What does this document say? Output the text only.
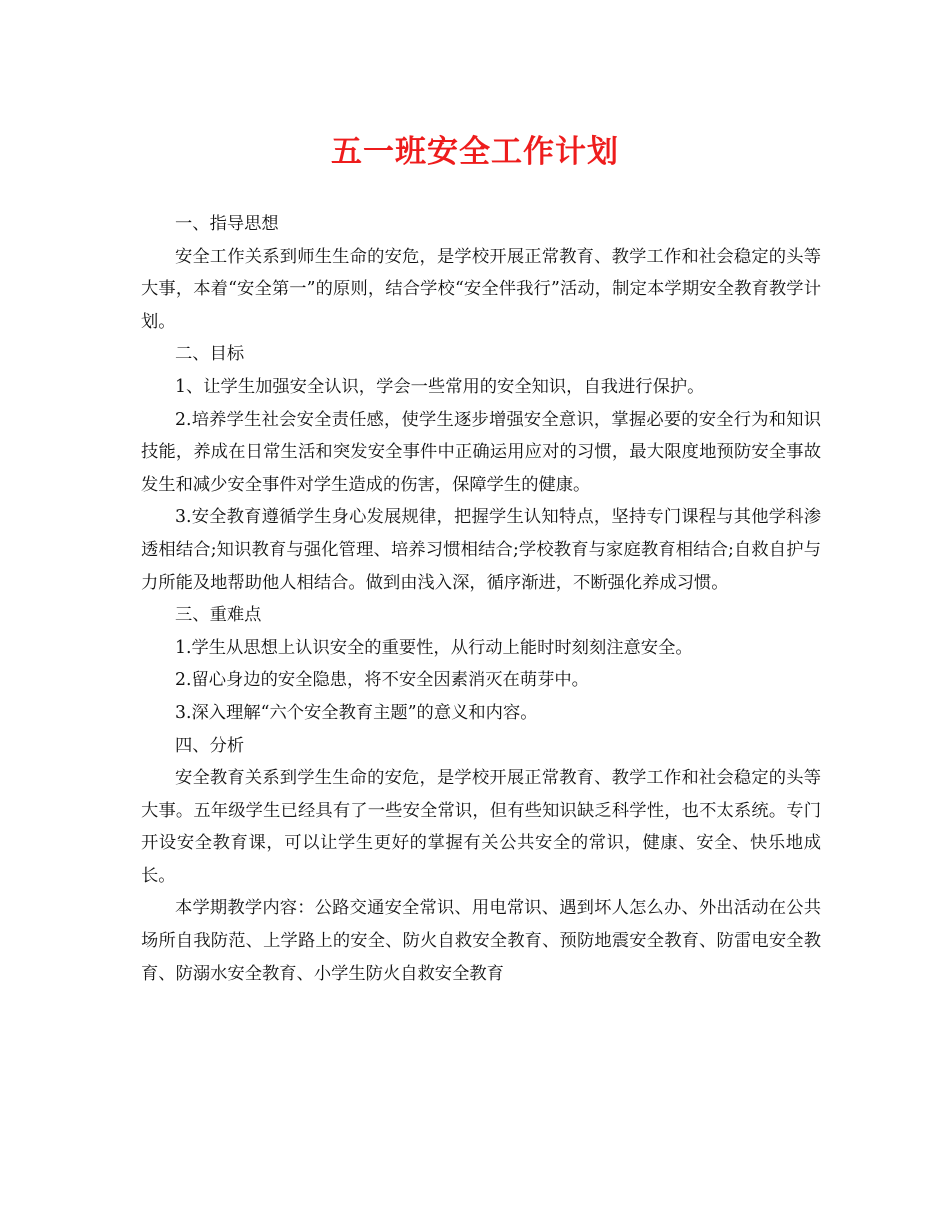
五一班安全工作计划

一、指导思想

安全工作关系到师生生命的安危，是学校开展正常教育、教学工作和社会稳定的头等大事，本着“安全第一”的原则，结合学校“安全伴我行”活动，制定本学期安全教育教学计划。

二、目标

1、让学生加强安全认识，学会一些常用的安全知识，自我进行保护。

2.培养学生社会安全责任感，使学生逐步增强安全意识，掌握必要的安全行为和知识技能，养成在日常生活和突发安全事件中正确运用应对的习惯，最大限度地预防安全事故发生和减少安全事件对学生造成的伤害，保障学生的健康。

3.安全教育遵循学生身心发展规律，把握学生认知特点，坚持专门课程与其他学科渗透相结合;知识教育与强化管理、培养习惯相结合;学校教育与家庭教育相结合;自救自护与力所能及地帮助他人相结合。做到由浅入深，循序渐进，不断强化养成习惯。

三、重难点

1.学生从思想上认识安全的重要性，从行动上能时时刻刻注意安全。

2.留心身边的安全隐患，将不安全因素消灭在萌芽中。

3.深入理解“六个安全教育主题”的意义和内容。

四、分析

安全教育关系到学生生命的安危，是学校开展正常教育、教学工作和社会稳定的头等大事。五年级学生已经具有了一些安全常识，但有些知识缺乏科学性，也不太系统。专门开设安全教育课，可以让学生更好的掌握有关公共安全的常识，健康、安全、快乐地成长。

本学期教学内容：公路交通安全常识、用电常识、遇到坏人怎么办、外出活动在公共场所自我防范、上学路上的安全、防火自救安全教育、预防地震安全教育、防雷电安全教育、防溺水安全教育、小学生防火自救安全教育
